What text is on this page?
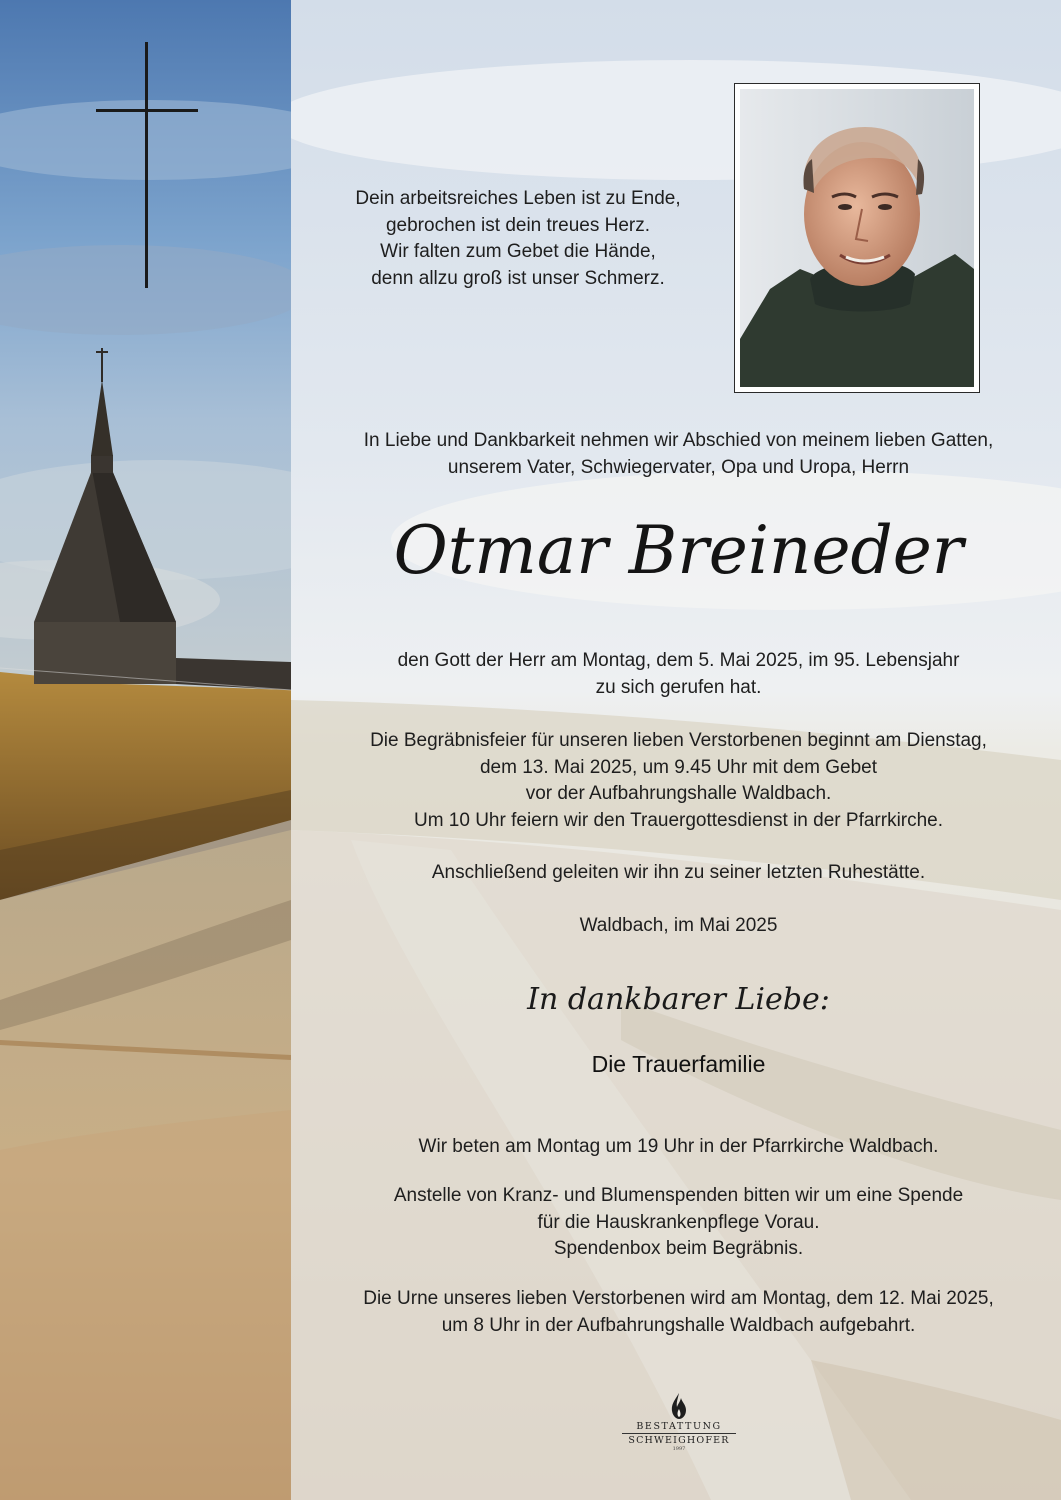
Dein arbeitsreiches Leben ist zu Ende,
gebrochen ist dein treues Herz.
Wir falten zum Gebet die Hände,
denn allzu groß ist unser Schmerz.
In Liebe und Dankbarkeit nehmen wir Abschied von meinem lieben Gatten,
unserem Vater, Schwiegervater, Opa und Uropa, Herrn
Otmar Breineder
den Gott der Herr am Montag, dem 5. Mai 2025, im 95. Lebensjahr
zu sich gerufen hat.
Die Begräbnisfeier für unseren lieben Verstorbenen beginnt am Dienstag,
dem 13. Mai 2025, um 9.45 Uhr mit dem Gebet
vor der Aufbahrungshalle Waldbach.
Um 10 Uhr feiern wir den Trauergottesdienst in der Pfarrkirche.
Anschließend geleiten wir ihn zu seiner letzten Ruhestätte.
Waldbach, im Mai 2025
In dankbarer Liebe:
Die Trauerfamilie
Wir beten am Montag um 19 Uhr in der Pfarrkirche Waldbach.
Anstelle von Kranz- und Blumenspenden bitten wir um eine Spende
für die Hauskrankenpflege Vorau.
Spendenbox beim Begräbnis.
Die Urne unseres lieben Verstorbenen wird am Montag, dem 12. Mai 2025,
um 8 Uhr in der Aufbahrungshalle Waldbach aufgebahrt.
BESTATTUNG
SCHWEIGHOFER
1997
